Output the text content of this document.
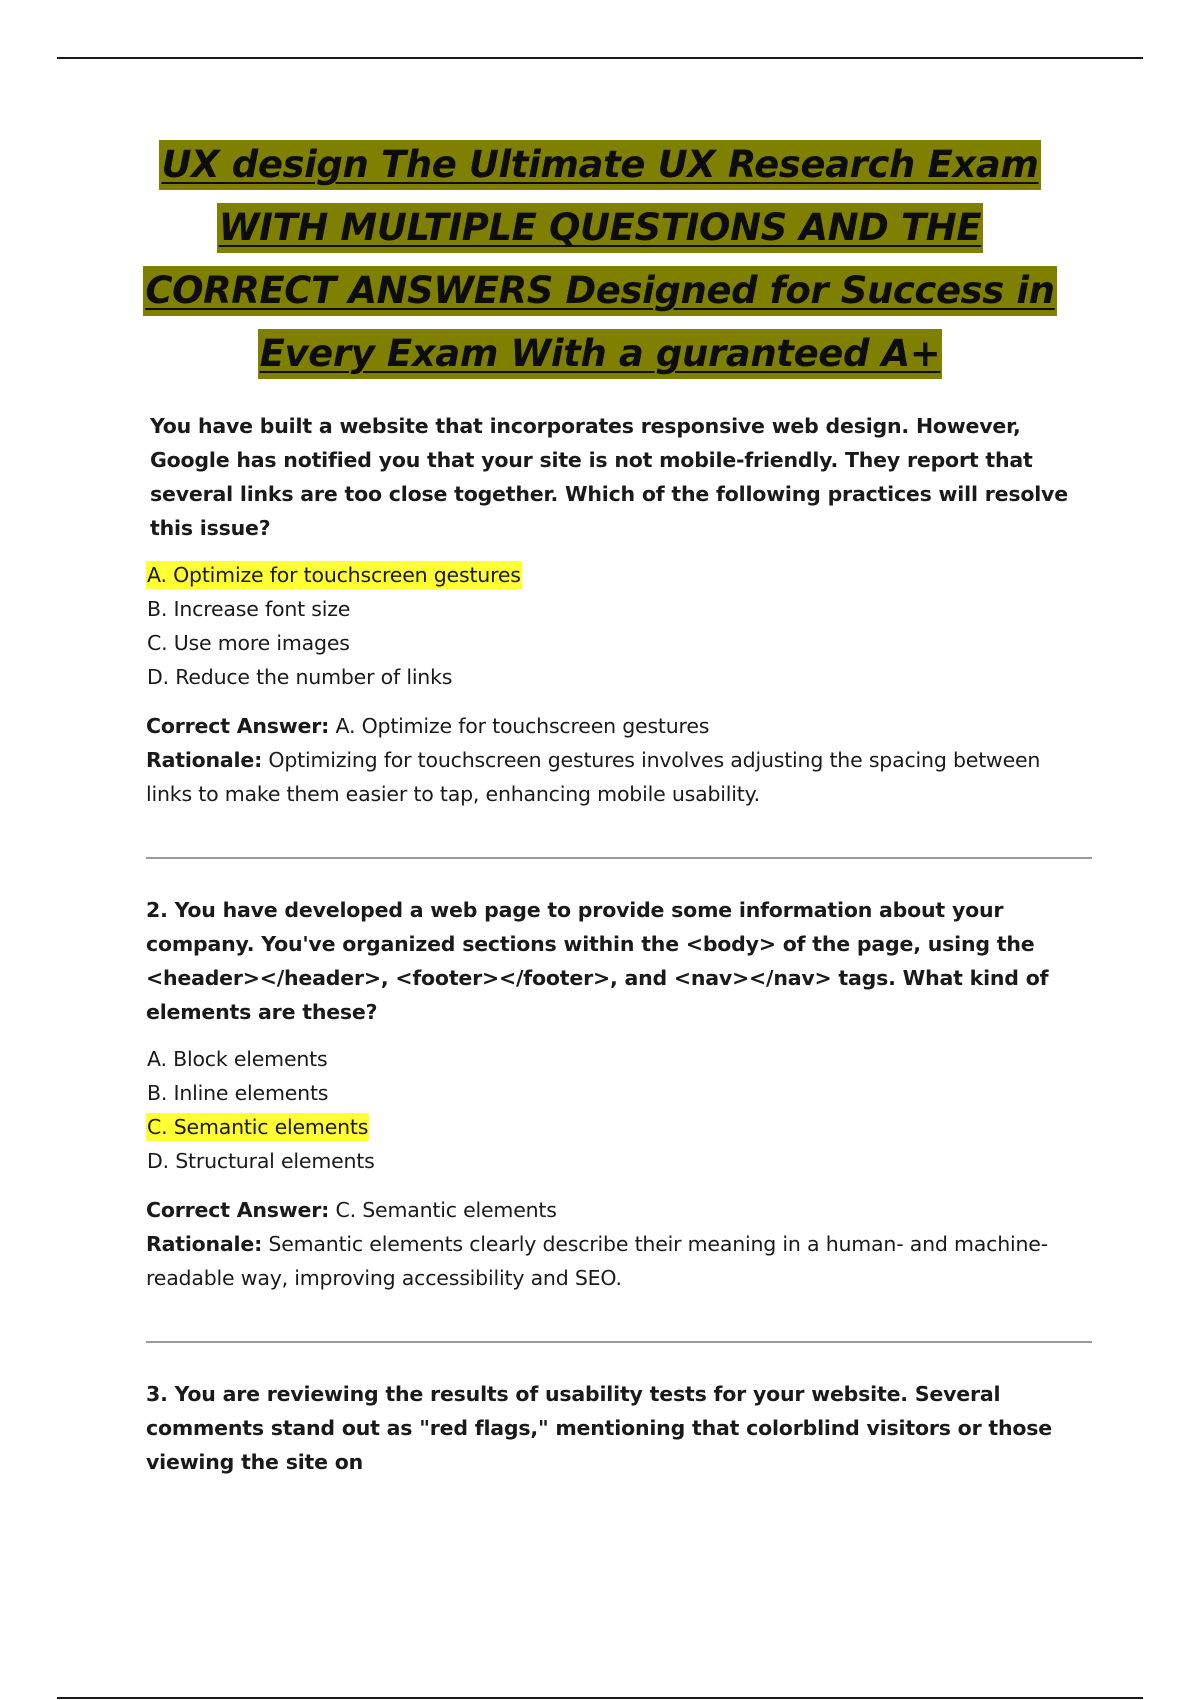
UX design The Ultimate UX Research Exam
WITH MULTIPLE QUESTIONS AND THE
CORRECT ANSWERS Designed for Success in
Every Exam With a guranteed A+

You have built a website that incorporates responsive web design. However, Google has notified you that your site is not mobile-friendly. They report that several links are too close together. Which of the following practices will resolve this issue?

A. Optimize for touchscreen gestures
B. Increase font size
C. Use more images
D. Reduce the number of links
Correct Answer: A. Optimize for touchscreen gestures
Rationale: Optimizing for touchscreen gestures involves adjusting the spacing between links to make them easier to tap, enhancing mobile usability.

2. You have developed a web page to provide some information about your company. You've organized sections within the <body> of the page, using the <header></header>, <footer></footer>, and <nav></nav> tags. What kind of elements are these?

A. Block elements
B. Inline elements
C. Semantic elements
D. Structural elements
Correct Answer: C. Semantic elements
Rationale: Semantic elements clearly describe their meaning in a human- and machine-readable way, improving accessibility and SEO.

3. You are reviewing the results of usability tests for your website. Several comments stand out as "red flags," mentioning that colorblind visitors or those viewing the site on
